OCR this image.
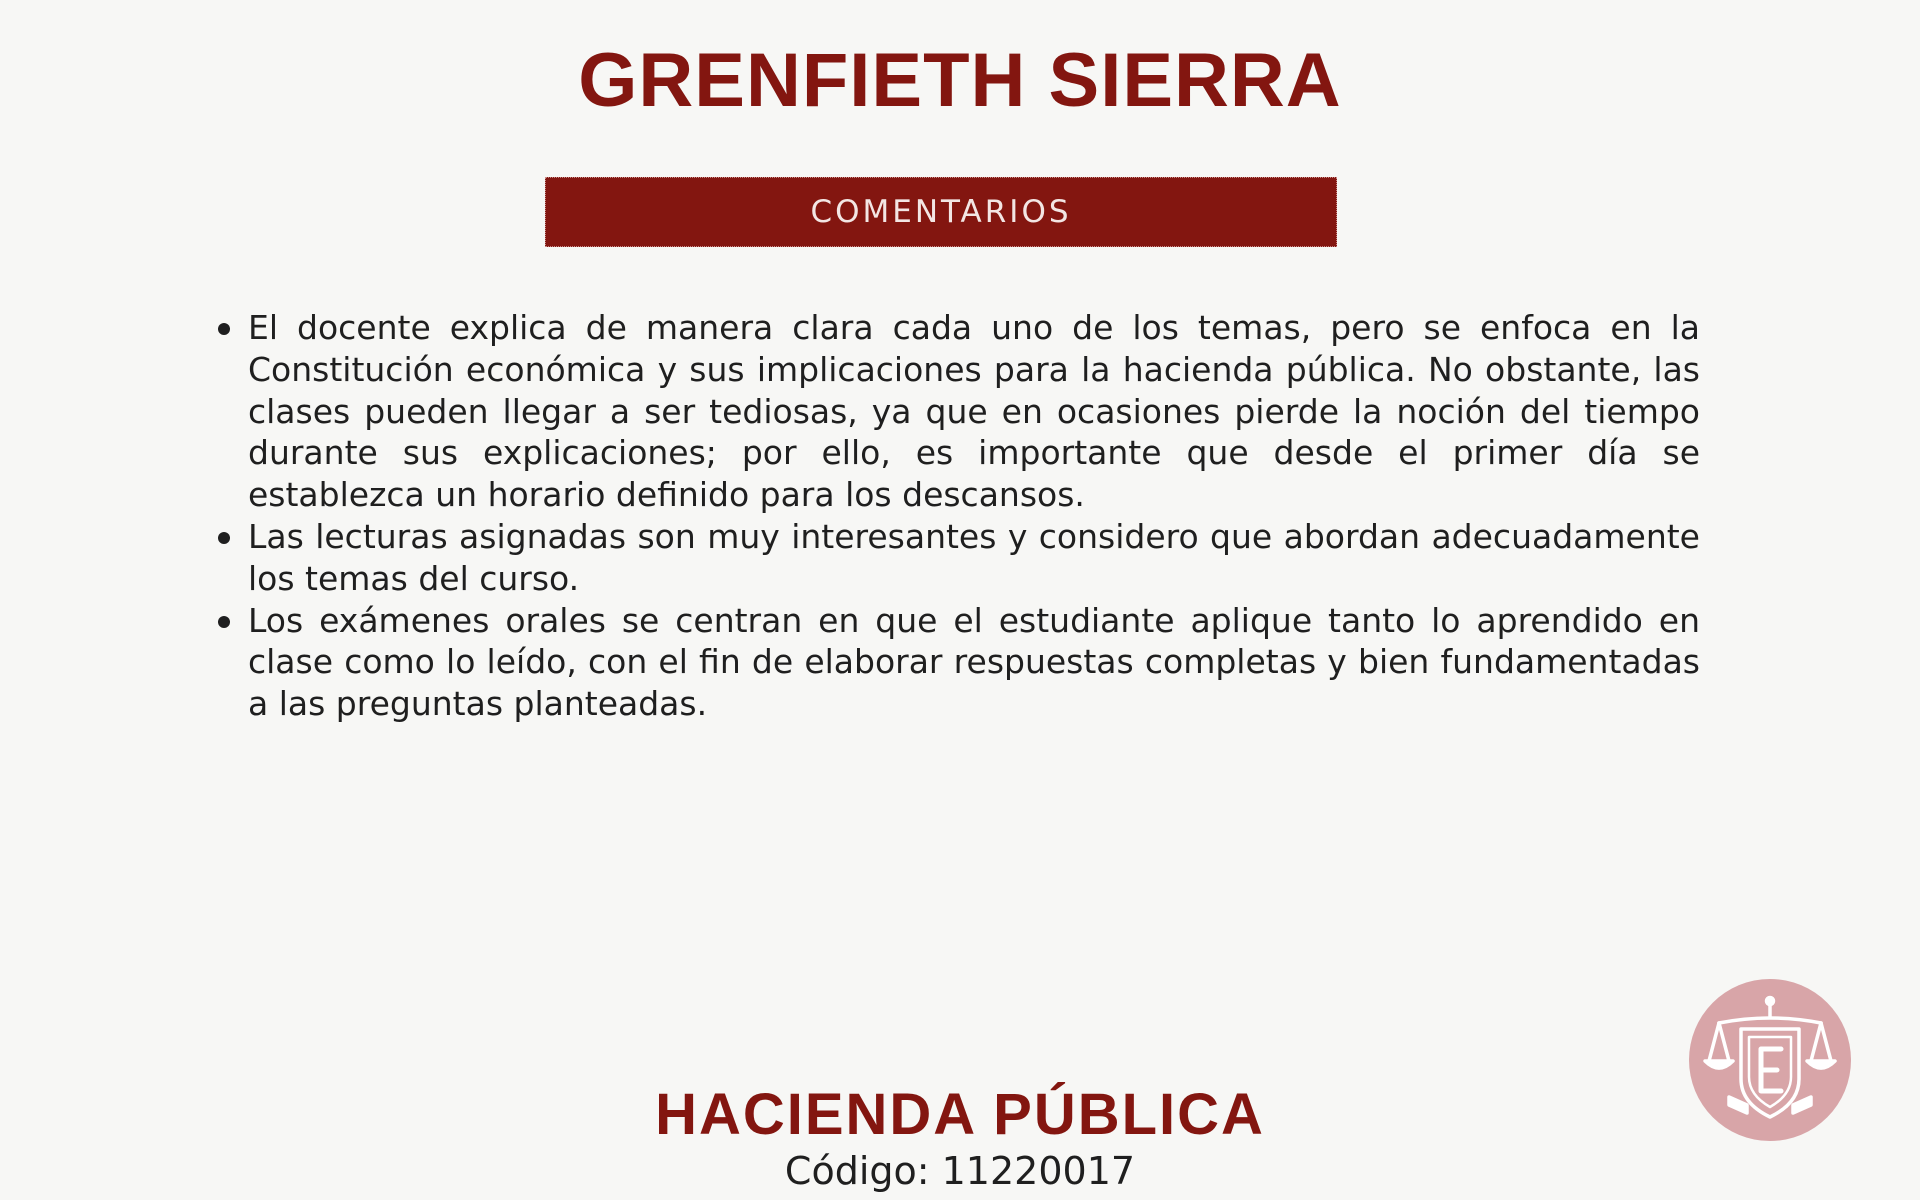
GRENFIETH SIERRA
COMENTARIOS
El docente explica de manera clara cada uno de los temas, pero se enfoca en la Constitución económica y sus implicaciones para la hacienda pública. No obstante, las clases pueden llegar a ser tediosas, ya que en ocasiones pierde la noción del tiempo durante sus explicaciones; por ello, es importante que desde el primer día se establezca un horario definido para los descansos.
Las lecturas asignadas son muy interesantes y considero que abordan adecuadamente los temas del curso.
Los exámenes orales se centran en que el estudiante aplique tanto lo aprendido en clase como lo leído, con el fin de elaborar respuestas completas y bien fundamentadas a las preguntas planteadas.
HACIENDA PÚBLICA
Código: 11220017
